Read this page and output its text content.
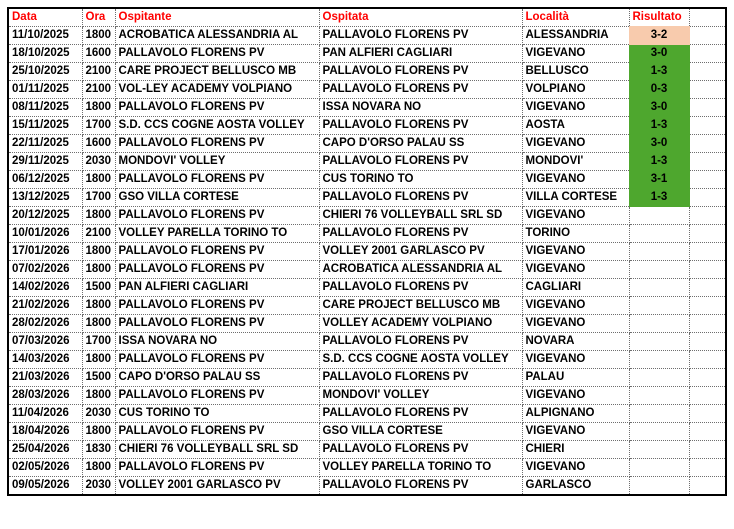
Data	Ora	Ospitante	Ospitata	Località	Risultato	
11/10/2025	1800	ACROBATICA ALESSANDRIA AL	PALLAVOLO FLORENS PV	ALESSANDRIA	3-2	
18/10/2025	1600	PALLAVOLO FLORENS PV	PAN ALFIERI CAGLIARI	VIGEVANO	3-0	
25/10/2025	2100	CARE PROJECT BELLUSCO MB	PALLAVOLO FLORENS PV	BELLUSCO	1-3	
01/11/2025	2100	VOL-LEY ACADEMY VOLPIANO	PALLAVOLO FLORENS PV	VOLPIANO	0-3	
08/11/2025	1800	PALLAVOLO FLORENS PV	ISSA NOVARA NO	VIGEVANO	3-0	
15/11/2025	1700	S.D. CCS COGNE AOSTA VOLLEY	PALLAVOLO FLORENS PV	AOSTA	1-3	
22/11/2025	1600	PALLAVOLO FLORENS PV	CAPO D'ORSO PALAU SS	VIGEVANO	3-0	
29/11/2025	2030	MONDOVI' VOLLEY	PALLAVOLO FLORENS PV	MONDOVI'	1-3	
06/12/2025	1800	PALLAVOLO FLORENS PV	CUS TORINO TO	VIGEVANO	3-1	
13/12/2025	1700	GSO VILLA CORTESE	PALLAVOLO FLORENS PV	VILLA CORTESE	1-3	
20/12/2025	1800	PALLAVOLO FLORENS PV	CHIERI 76 VOLLEYBALL SRL SD	VIGEVANO		
10/01/2026	2100	VOLLEY PARELLA TORINO TO	PALLAVOLO FLORENS PV	TORINO		
17/01/2026	1800	PALLAVOLO FLORENS PV	VOLLEY 2001 GARLASCO PV	VIGEVANO		
07/02/2026	1800	PALLAVOLO FLORENS PV	ACROBATICA ALESSANDRIA AL	VIGEVANO		
14/02/2026	1500	PAN ALFIERI CAGLIARI	PALLAVOLO FLORENS PV	CAGLIARI		
21/02/2026	1800	PALLAVOLO FLORENS PV	CARE PROJECT BELLUSCO MB	VIGEVANO		
28/02/2026	1800	PALLAVOLO FLORENS PV	VOLLEY ACADEMY VOLPIANO	VIGEVANO		
07/03/2026	1700	ISSA NOVARA NO	PALLAVOLO FLORENS PV	NOVARA		
14/03/2026	1800	PALLAVOLO FLORENS PV	S.D. CCS COGNE AOSTA VOLLEY	VIGEVANO		
21/03/2026	1500	CAPO D'ORSO PALAU SS	PALLAVOLO FLORENS PV	PALAU		
28/03/2026	1800	PALLAVOLO FLORENS PV	MONDOVI' VOLLEY	VIGEVANO		
11/04/2026	2030	CUS TORINO TO	PALLAVOLO FLORENS PV	ALPIGNANO		
18/04/2026	1800	PALLAVOLO FLORENS PV	GSO VILLA CORTESE	VIGEVANO		
25/04/2026	1830	CHIERI 76 VOLLEYBALL SRL SD	PALLAVOLO FLORENS PV	CHIERI		
02/05/2026	1800	PALLAVOLO FLORENS PV	VOLLEY PARELLA TORINO TO	VIGEVANO		
09/05/2026	2030	VOLLEY 2001 GARLASCO PV	PALLAVOLO FLORENS PV	GARLASCO		
